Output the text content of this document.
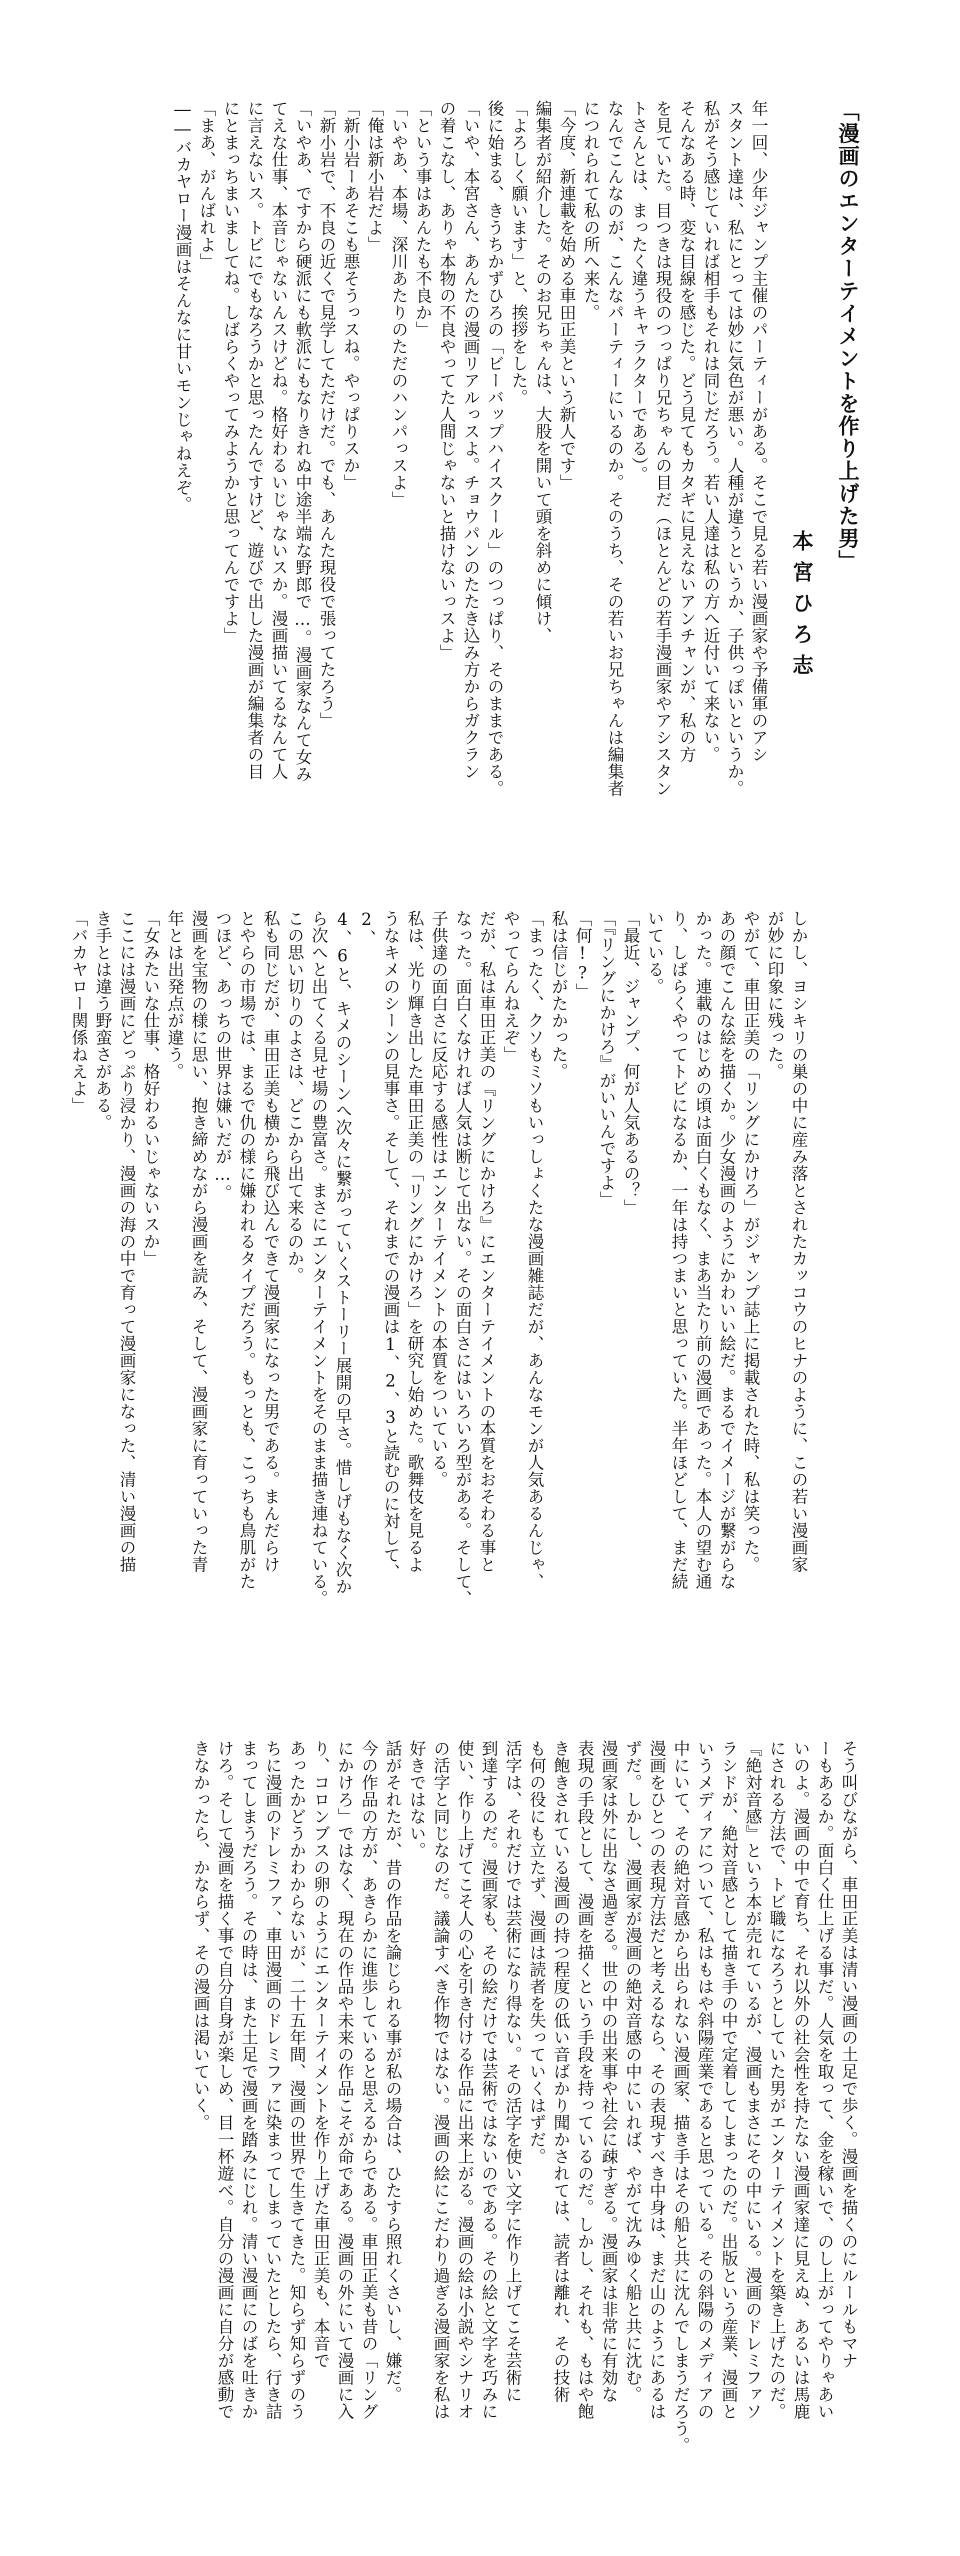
「漫画のエンターテイメントを作り上げた男」

本宮ひろ志

年一回、少年ジャンプ主催のパーティーがある。そこで見る若い漫画家や予備軍のアシ

スタント達は、私にとっては妙に気色が悪い。人種が違うというか、子供っぽいというか。

私がそう感じていれば相手もそれは同じだろう。若い人達は私の方へ近付いて来ない。

そんなある時、変な目線を感じた。どう見てもカタギに見えないアンチャンが、私の方

を見ていた。目つきは現役のつっぱり兄ちゃんの目だ（ほとんどの若手漫画家やアシスタン

トさんとは、まったく違うキャラクターである）。

なんでこんなのが、こんなパーティーにいるのか。そのうち、その若いお兄ちゃんは編集者

につれられて私の所へ来た。

「今度、新連載を始める車田正美という新人です」

編集者が紹介した。そのお兄ちゃんは、大股を開いて頭を斜めに傾け、

「よろしく願います」と、挨拶をした。

後に始まる、きうちかずひろの「ビーバップハイスクール」のつっぱり、そのままである。

「いや、本宮さん、あんたの漫画リアルっスよ。チョウパンのたたき込み方からガクラン

の着こなし、ありゃ本物の不良やってた人間じゃないと描けないっスよ」

「という事はあんたも不良か」

「いやあ、本場、深川あたりのただのハンパっスよ」

「俺は新小岩だよ」

「新小岩ーあそこも悪そうっスね。やっぱりスか」

「新小岩で、不良の近くで見学してただけだ。でも、あんた現役で張ってたろう」

「いやあ、ですから硬派にも軟派にもなりきれぬ中途半端な野郎で…。漫画家なんて女み

てえな仕事、本音じゃないんスけどね。格好わるいじゃないスか。漫画描いてるなんて人

に言えないス。トビにでもなろうかと思ったんですけど、遊びで出した漫画が編集者の目

にとまっちまいましてね。しばらくやってみようかと思ってんですよ」

「まあ、がんばれよ」

――バカヤロー漫画はそんなに甘いモンじゃねえぞ。

しかし、ヨシキリの巣の中に産み落とされたカッコウのヒナのように、この若い漫画家

が妙に印象に残った。

やがて、車田正美の「リングにかけろ」がジャンプ誌上に掲載された時、私は笑った。

あの顔でこんな絵を描くか。少女漫画のようにかわいい絵だ。まるでイメージが繋がらな

かった。連載のはじめの頃は面白くもなく、まあ当たり前の漫画であった。本人の望む通

り、しばらくやってトビになるか、一年は持つまいと思っていた。半年ほどして、まだ続

いている。

「最近、ジャンプ、何が人気あるの？」

「『リングにかけろ』がいいんですよ」

「何!?」

私は信じがたかった。

「まったく、クソもミソもいっしょくたな漫画雑誌だが、あんなモンが人気あるんじゃ、

やってらんねえぞ」

だが、私は車田正美の『リングにかけろ』にエンターテイメントの本質をおそわる事と

なった。面白くなければ人気は断じて出ない。その面白さにはいろいろ型がある。そして、

子供達の面白さに反応する感性はエンターテイメントの本質をついている。

私は、光り輝き出した車田正美の「リングにかけろ」を研究し始めた。歌舞伎を見るよ

うなキメのシーンの見事さ。そして、それまでの漫画は1、2、3と読むのに対して、2、

4、6と、キメのシーンへ次々に繋がっていくストーリー展開の早さ。惜しげもなく次か

ら次へと出てくる見せ場の豊富さ。まさにエンターテイメントをそのまま描き連ねている。

この思い切りのよさは、どこから出て来るのか。

私も同じだが、車田正美も横から飛び込んできて漫画家になった男である。まんだらけ

とやらの市場では、まるで仇の様に嫌われるタイプだろう。もっとも、こっちも鳥肌がた

つほど、あっちの世界は嫌いだが…。

漫画を宝物の様に思い、抱き締めながら漫画を読み、そして、漫画家に育っていった青

年とは出発点が違う。

「女みたいな仕事、格好わるいじゃないスか」

ここには漫画にどっぷり浸かり、漫画の海の中で育って漫画家になった、清い漫画の描

き手とは違う野蛮さがある。

「バカヤロー関係ねえよ」

そう叫びながら、車田正美は清い漫画の土足で歩く。漫画を描くのにルールもマナ

ーもあるか。面白く仕上げる事だ。人気を取って、金を稼いで、のし上がってやりゃあい

いのよ。漫画の中で育ち、それ以外の社会性を持たない漫画家達に見えぬ、あるいは馬鹿

にされる方法で、トビ職になろうとしていた男がエンターテイメントを築き上げたのだ。

『絶対音感』という本が売れているが、漫画もまさにその中にいる。漫画のドレミファソ

ラシドが、絶対音感として描き手の中で定着してしまったのだ。出版という産業、漫画と

いうメディアについて、私はもはや斜陽産業であると思っている。その斜陽のメディアの

中にいて、その絶対音感から出られない漫画家、描き手はその船と共に沈んでしまうだろう。

漫画をひとつの表現方法だと考えるなら、その表現すべき中身は、まだ山のようにあるは

ずだ。しかし、漫画家が漫画の絶対音感の中にいれば、やがて沈みゆく船と共に沈む。

漫画家は外に出なさ過ぎる。世の中の出来事や社会に疎すぎる。漫画家は非常に有効な

表現の手段として、漫画を描くという手段を持っているのだ。しかし、それも、もはや飽

き飽きされている漫画の持つ程度の低い音ばかり聞かされては、読者は離れ、その技術

も何の役にも立たず、漫画は読者を失っていくはずだ。

活字は、それだけでは芸術になり得ない。その活字を使い文字に作り上げてこそ芸術に

到達するのだ。漫画家も、その絵だけでは芸術ではないのである。その絵と文字を巧みに

使い、作り上げてこそ人の心を引き付ける作品に出来上がる。漫画の絵は小説やシナリオ

の活字と同じなのだ。議論すべき作物ではない。漫画の絵にこだわり過ぎる漫画家を私は

好きではない。

話がそれたが、昔の作品を論じられる事が私の場合は、ひたすら照れくさいし、嫌だ。

今の作品の方が、あきらかに進歩していると思えるからである。車田正美も昔の「リング

にかけろ」ではなく、現在の作品や未来の作品こそが命である。漫画の外にいて漫画に入

り、コロンブスの卵のようにエンターテイメントを作り上げた車田正美も、本音で

あったかどうかわからないが、二十五年間、漫画の世界で生きてきた。知らず知らずのう

ちに漫画のドレミファ、車田漫画のドレミファに染まってしまっていたとしたら、行き詰

まってしまうだろう。その時は、また土足で漫画を踏みにじれ。清い漫画にのばを吐きか

けろ。そして漫画を描く事で自分自身が楽しめ、目一杯遊べ。自分の漫画に自分が感動で

きなかったら、かならず、その漫画は渇いていく。
